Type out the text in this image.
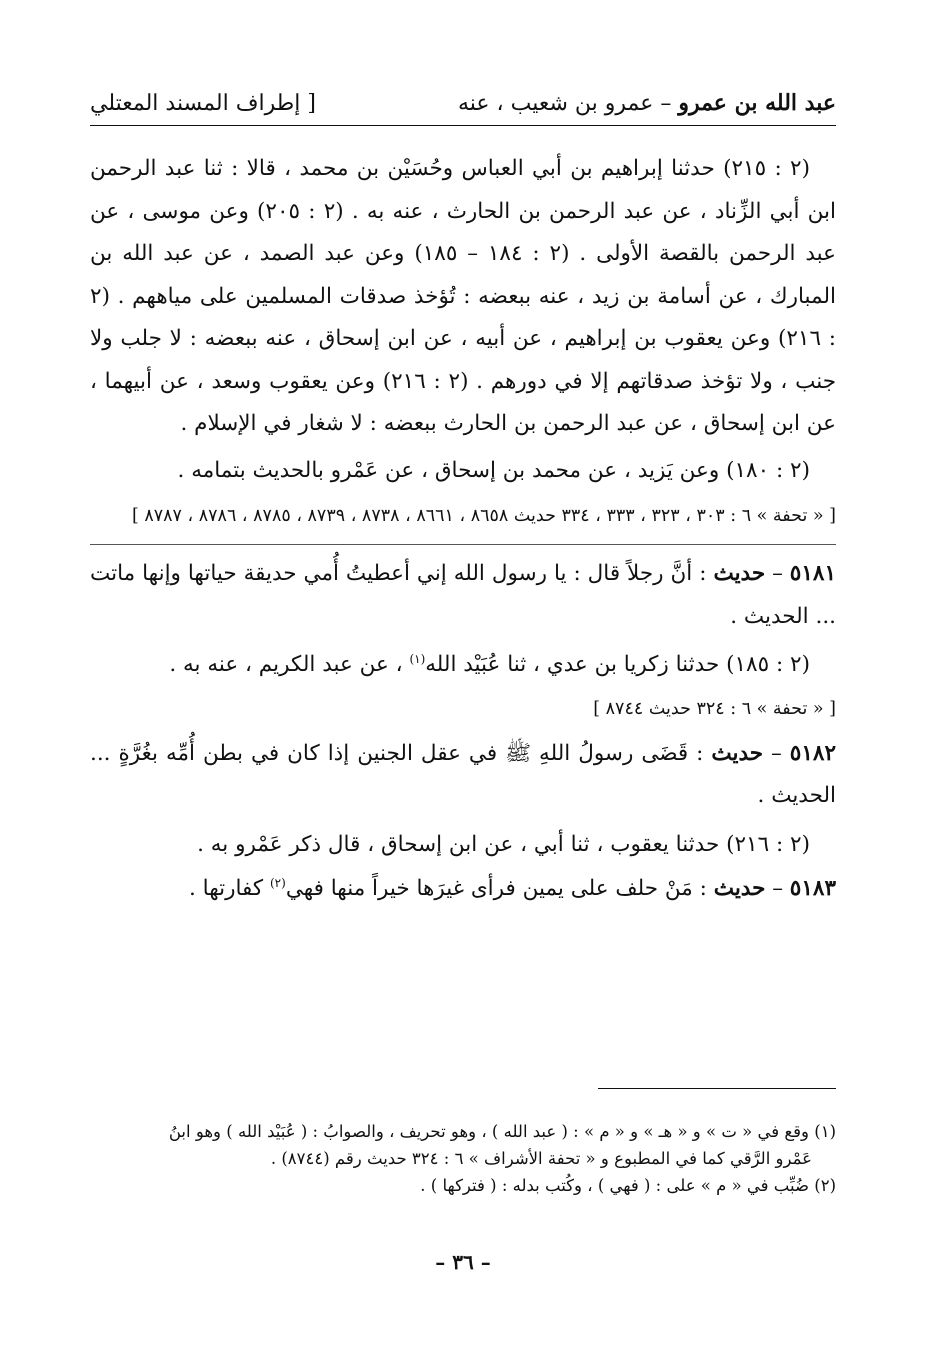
عبد الله بن عمرو – عمرو بن شعيب ، عنه
[ إطراف المسند المعتلي

(٢ : ٢١٥) حدثنا إبراهيم بن أبي العباس وحُسَيْن بن محمد ، قالا : ثنا عبد الرحمن ابن أبي الزِّناد ، عن عبد الرحمن بن الحارث ، عنه به . (٢ : ٢٠٥) وعن موسى ، عن عبد الرحمن بالقصة الأولى . (٢ : ١٨٤ – ١٨٥) وعن عبد الصمد ، عن عبد الله بن المبارك ، عن أسامة بن زيد ، عنه ببعضه : تُؤخذ صدقات المسلمين على مياههم . (٢ : ٢١٦) وعن يعقوب بن إبراهيم ، عن أبيه ، عن ابن إسحاق ، عنه ببعضه : لا جلب ولا جنب ، ولا تؤخذ صدقاتهم إلا في دورهم . (٢ : ٢١٦) وعن يعقوب وسعد ، عن أبيهما ، عن ابن إسحاق ، عن عبد الرحمن بن الحارث ببعضه : لا شغار في الإسلام .

(٢ : ١٨٠) وعن يَزيد ، عن محمد بن إسحاق ، عن عَمْرو بالحديث بتمامه .

[ « تحفة » ٦ : ٣٠٣ ، ٣٢٣ ، ٣٣٣ ، ٣٣٤ حديث ٨٦٥٨ ، ٨٦٦١ ، ٨٧٣٨ ، ٨٧٣٩ ، ٨٧٨٥ ، ٨٧٨٦ ، ٨٧٨٧ ]

٥١٨١ – حديث : أنَّ رجلاً قال : يا رسول الله إني أعطيتُ أُمي حديقة حياتها وإنها ماتت ... الحديث .

(٢ : ١٨٥) حدثنا زكريا بن عدي ، ثنا عُبَيْد الله$^{(١)}$ ، عن عبد الكريم ، عنه به .

[ « تحفة » ٦ : ٣٢٤ حديث ٨٧٤٤ ]

٥١٨٢ – حديث : قَضَى رسولُ اللهِ ﷺ في عقل الجنين إذا كان في بطن أُمِّه بغُرَّةٍ ... الحديث .

(٢ : ٢١٦) حدثنا يعقوب ، ثنا أبي ، عن ابن إسحاق ، قال ذكر عَمْرو به .

٥١٨٣ – حديث : مَنْ حلف على يمين فرأى غيرَها خيراً منها فهي$^{(٢)}$ كفارتها .

(١) وقع في « ت » و « هـ » و « م » : ( عبد الله ) ، وهو تحريف ، والصوابُ : ( عُبَيْد الله ) وهو ابنُ

عَمْرو الرَّقي كما في المطبوع و « تحفة الأشراف » ٦ : ٣٢٤ حديث رقم (٨٧٤٤) .

(٢) ضُبِّب في « م » على : ( فهي ) ، وكُتب بدله : ( فتركها ) .

– ٣٦ –
